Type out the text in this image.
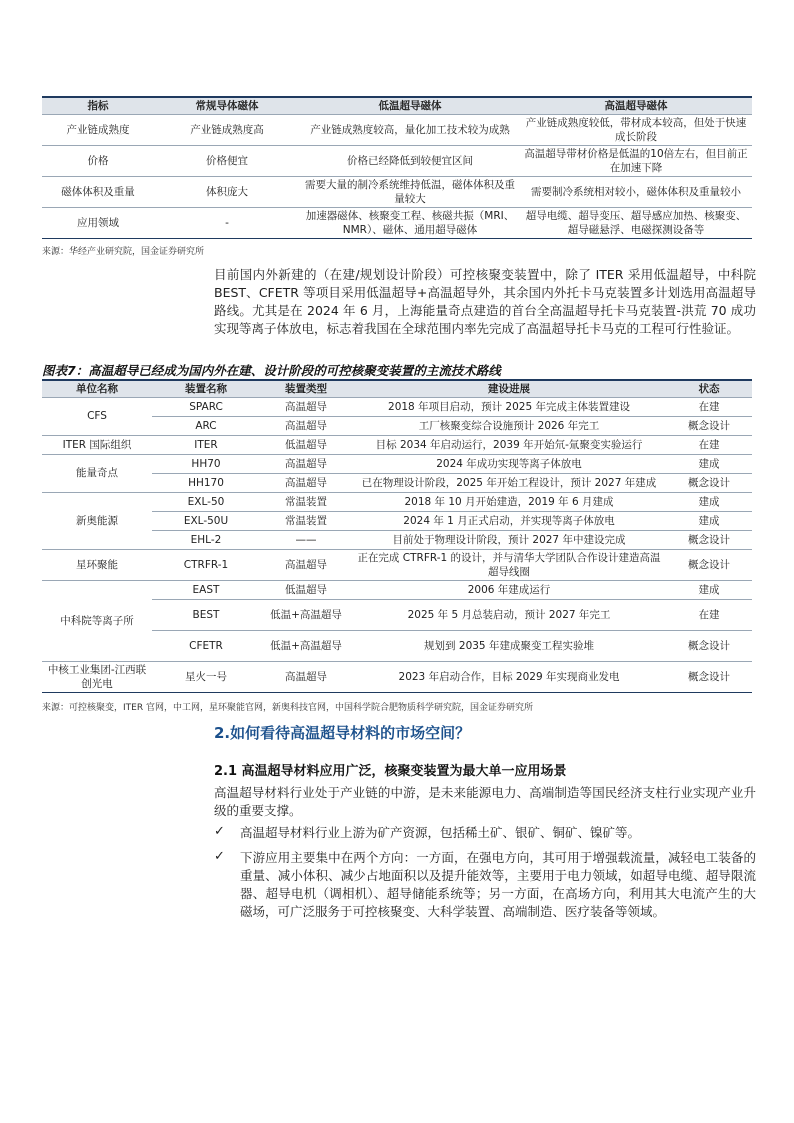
指标	常规导体磁体	低温超导磁体	高温超导磁体
产业链成熟度	产业链成熟度高	产业链成熟度较高，量化加工技术较为成熟	产业链成熟度较低，带材成本较高，但处于快速成长阶段
价格	价格便宜	价格已经降低到较便宜区间	高温超导带材价格是低温的10倍左右，但目前正在加速下降
磁体体积及重量	体积庞大	需要大量的制冷系统维持低温，磁体体积及重量较大	需要制冷系统相对较小，磁体体积及重量较小
应用领域	-	加速器磁体、核聚变工程、核磁共振（MRI、NMR）、磁体、通用超导磁体	超导电缆、超导变压、超导感应加热、核聚变、超导磁悬浮、电磁探测设备等
来源：华经产业研究院，国金证券研究所
目前国内外新建的（在建/规划设计阶段）可控核聚变装置中，除了 ITER 采用低温超导，中科院 BEST、CFETR 等项目采用低温超导+高温超导外，其余国内外托卡马克装置多计划选用高温超导路线。尤其是在 2024 年 6 月，上海能量奇点建造的首台全高温超导托卡马克装置-洪荒 70 成功实现等离子体放电，标志着我国在全球范围内率先完成了高温超导托卡马克的工程可行性验证。
图表7：高温超导已经成为国内外在建、设计阶段的可控核聚变装置的主流技术路线
单位名称	装置名称	装置类型	建设进展	状态
CFS	SPARC	高温超导	2018 年项目启动，预计 2025 年完成主体装置建设	在建
	ARC	高温超导	工厂核聚变综合设施预计 2026 年完工	概念设计
ITER 国际组织	ITER	低温超导	目标 2034 年启动运行，2039 年开始氘-氚聚变实验运行	在建
能量奇点	HH70	高温超导	2024 年成功实现等离子体放电	建成
	HH170	高温超导	已在物理设计阶段，2025 年开始工程设计，预计 2027 年建成	概念设计
新奥能源	EXL-50	常温装置	2018 年 10 月开始建造，2019 年 6 月建成	建成
	EXL-50U	常温装置	2024 年 1 月正式启动，并实现等离子体放电	建成
	EHL-2	——	目前处于物理设计阶段，预计 2027 年中建设完成	概念设计
星环聚能	CTRFR-1	高温超导	正在完成 CTRFR-1 的设计，并与清华大学团队合作设计建造高温超导线圈	概念设计
中科院等离子所	EAST	低温超导	2006 年建成运行	建成
	BEST	低温+高温超导	2025 年 5 月总装启动，预计 2027 年完工	在建
	CFETR	低温+高温超导	规划到 2035 年建成聚变工程实验堆	概念设计
中核工业集团-江西联创光电	星火一号	高温超导	2023 年启动合作，目标 2029 年实现商业发电	概念设计
来源：可控核聚变，ITER 官网，中工网，星环聚能官网，新奥科技官网，中国科学院合肥物质科学研究院，国金证券研究所
2.如何看待高温超导材料的市场空间？
2.1 高温超导材料应用广泛，核聚变装置为最大单一应用场景
高温超导材料行业处于产业链的中游，是未来能源电力、高端制造等国民经济支柱行业实现产业升级的重要支撑。
✓ 高温超导材料行业上游为矿产资源，包括稀土矿、银矿、铜矿、镍矿等。
✓ 下游应用主要集中在两个方向：一方面，在强电方向，其可用于增强载流量，减轻电工装备的重量、减小体积、减少占地面积以及提升能效等，主要用于电力领域，如超导电缆、超导限流器、超导电机（调相机）、超导储能系统等；另一方面，在高场方向，利用其大电流产生的大磁场，可广泛服务于可控核聚变、大科学装置、高端制造、医疗装备等领域。
